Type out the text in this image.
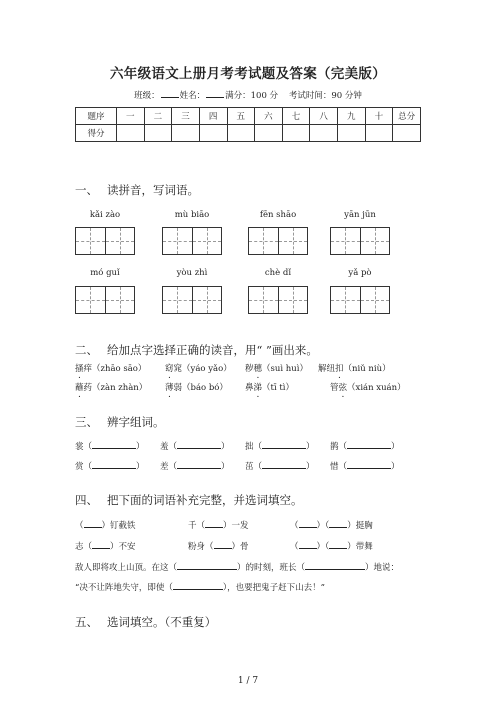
六年级语文上册月考考试题及答案（完美版）
班级： 姓名： 满分：100 分 考试时间：90 分钟
题序	一	二	三	四	五	六	七	八	九	十	总分
得分											
一、 读拼音，写词语。
kǎi zào	mù biāo	fēn shāo	yān jūn
mó guǐ	yòu zhì	chè dǐ	yǎ pò
二、 给加点字选择正确的读音，用“ ”画出来。
搔痒（zhāo sāo） 窈窕（yáo yǎo） 秽穗（suì huì） 解纽扣（niǔ niù）
蘸药（zàn zhàn） 薄弱（báo bó） 鼻涕（tī tì）	管弦（xián xuán）
三、 辨字组词。
裳（	） 羞（	） 拙（	） 鹊（	）
赏（	） 差（	） 茁（	） 惜（	）
四、 把下面的词语补充完整，并选词填空。
（ ）钉截铁	千（ ）一发	（ ）（ ）挺胸
志（ ）不安	粉身（ ）骨	（ ）（ ）带舞
敌人即将攻上山顶。在这（	）的时刻，班长（	）地说：
“决不让阵地失守，即使（	），也要把鬼子赶下山去！”
五、 选词填空。（不重复）
1 / 7
